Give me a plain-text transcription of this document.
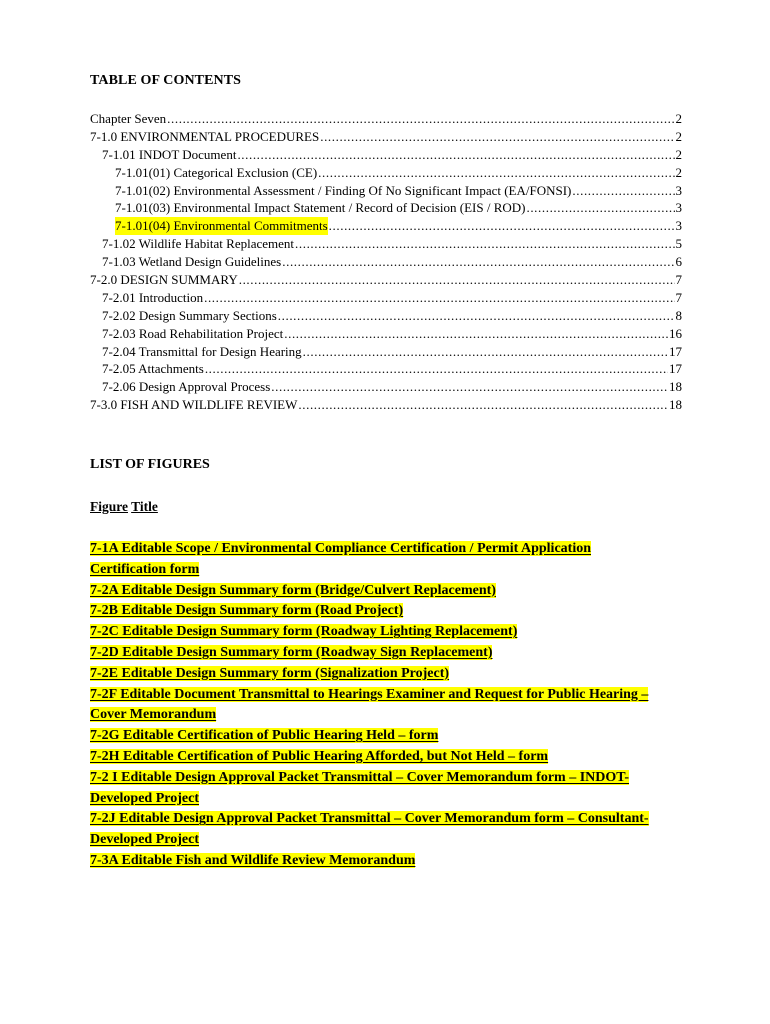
TABLE OF CONTENTS
Chapter Seven .....	2
7-1.0 ENVIRONMENTAL PROCEDURES .....	2
7-1.01 INDOT Document .....	2
7-1.01(01) Categorical Exclusion (CE) .....	2
7-1.01(02) Environmental Assessment / Finding Of No Significant Impact (EA/FONSI) .....	3
7-1.01(03) Environmental Impact Statement / Record of Decision (EIS / ROD) .....	3
7-1.01(04) Environmental Commitments .....	3
7-1.02 Wildlife Habitat Replacement .....	5
7-1.03 Wetland Design Guidelines .....	6
7-2.0 DESIGN SUMMARY .....	7
7-2.01 Introduction .....	7
7-2.02 Design Summary Sections .....	8
7-2.03 Road Rehabilitation Project .....	16
7-2.04 Transmittal for Design Hearing .....	17
7-2.05 Attachments .....	17
7-2.06 Design Approval Process .....	18
7-3.0 FISH AND WILDLIFE REVIEW .....	18
LIST OF FIGURES
Figure Title

7-1A Editable Scope / Environmental Compliance Certification / Permit Application Certification form

7-2A Editable Design Summary form (Bridge/Culvert Replacement)

7-2B Editable Design Summary form (Road Project)

7-2C Editable Design Summary form (Roadway Lighting Replacement)

7-2D Editable Design Summary form (Roadway Sign Replacement)

7-2E Editable Design Summary form (Signalization Project)

7-2F Editable Document Transmittal to Hearings Examiner and Request for Public Hearing – Cover Memorandum

7-2G Editable Certification of Public Hearing Held – form

7-2H Editable Certification of Public Hearing Afforded, but Not Held – form

7-2 I Editable Design Approval Packet Transmittal – Cover Memorandum form – INDOT-Developed Project

7-2J Editable Design Approval Packet Transmittal – Cover Memorandum form – Consultant-Developed Project

7-3A Editable Fish and Wildlife Review Memorandum
